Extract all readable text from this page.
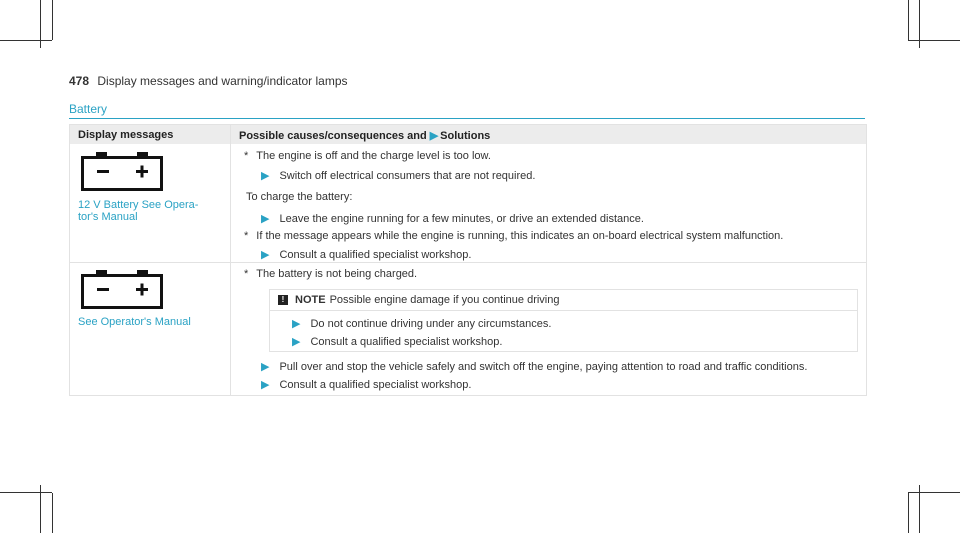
478 Display messages and warning/indicator lamps
Battery
Display messages	Possible causes/consequences and ▶ Solutions
12 V Battery See Opera-
tor's Manual
* The engine is off and the charge level is too low.
▶ Switch off electrical consumers that are not required.
To charge the battery:
▶ Leave the engine running for a few minutes, or drive an extended distance.
* If the message appears while the engine is running, this indicates an on-board electrical system malfunction.
▶ Consult a qualified specialist workshop.
See Operator's Manual
* The battery is not being charged.
! NOTE Possible engine damage if you continue driving
▶ Do not continue driving under any circumstances.
▶ Consult a qualified specialist workshop.
▶ Pull over and stop the vehicle safely and switch off the engine, paying attention to road and traffic conditions.
▶ Consult a qualified specialist workshop.
